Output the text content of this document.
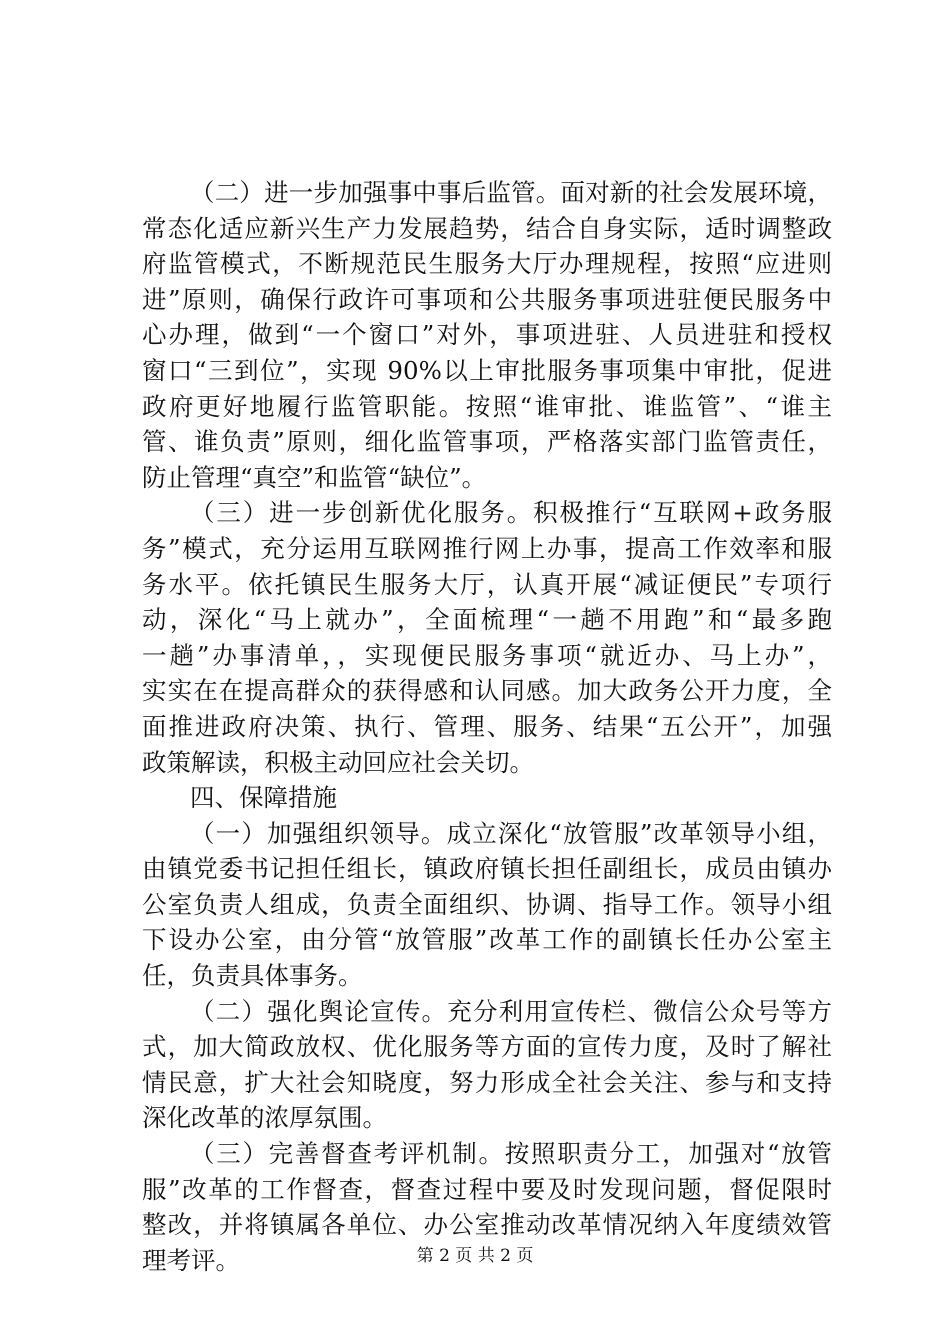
（二）进一步加强事中事后监管。面对新的社会发展环境，
常态化适应新兴生产力发展趋势，结合自身实际，适时调整政
府监管模式，不断规范民生服务大厅办理规程，按照“应进则
进”原则，确保行政许可事项和公共服务事项进驻便民服务中
心办理，做到“一个窗口”对外，事项进驻、人员进驻和授权
窗口“三到位”，实现 90%以上审批服务事项集中审批，促进
政府更好地履行监管职能。按照“谁审批、谁监管”、“谁主
管、谁负责”原则，细化监管事项，严格落实部门监管责任，
防止管理“真空”和监管“缺位”。
（三）进一步创新优化服务。积极推行“互联网+政务服
务”模式，充分运用互联网推行网上办事，提高工作效率和服
务水平。依托镇民生服务大厅，认真开展“减证便民”专项行
动，深化“马上就办”，全面梳理“一趟不用跑”和“最多跑
一趟”办事清单，，实现便民服务事项“就近办、马上办”，
实实在在提高群众的获得感和认同感。加大政务公开力度，全
面推进政府决策、执行、管理、服务、结果“五公开”，加强
政策解读，积极主动回应社会关切。
四、保障措施
（一）加强组织领导。成立深化“放管服”改革领导小组，
由镇党委书记担任组长，镇政府镇长担任副组长，成员由镇办
公室负责人组成，负责全面组织、协调、指导工作。领导小组
下设办公室，由分管“放管服”改革工作的副镇长任办公室主
任，负责具体事务。
（二）强化舆论宣传。充分利用宣传栏、微信公众号等方
式，加大简政放权、优化服务等方面的宣传力度，及时了解社
情民意，扩大社会知晓度，努力形成全社会关注、参与和支持
深化改革的浓厚氛围。
（三）完善督查考评机制。按照职责分工，加强对“放管
服”改革的工作督查，督查过程中要及时发现问题，督促限时
整改，并将镇属各单位、办公室推动改革情况纳入年度绩效管
理考评。	第 2 页 共 2 页
